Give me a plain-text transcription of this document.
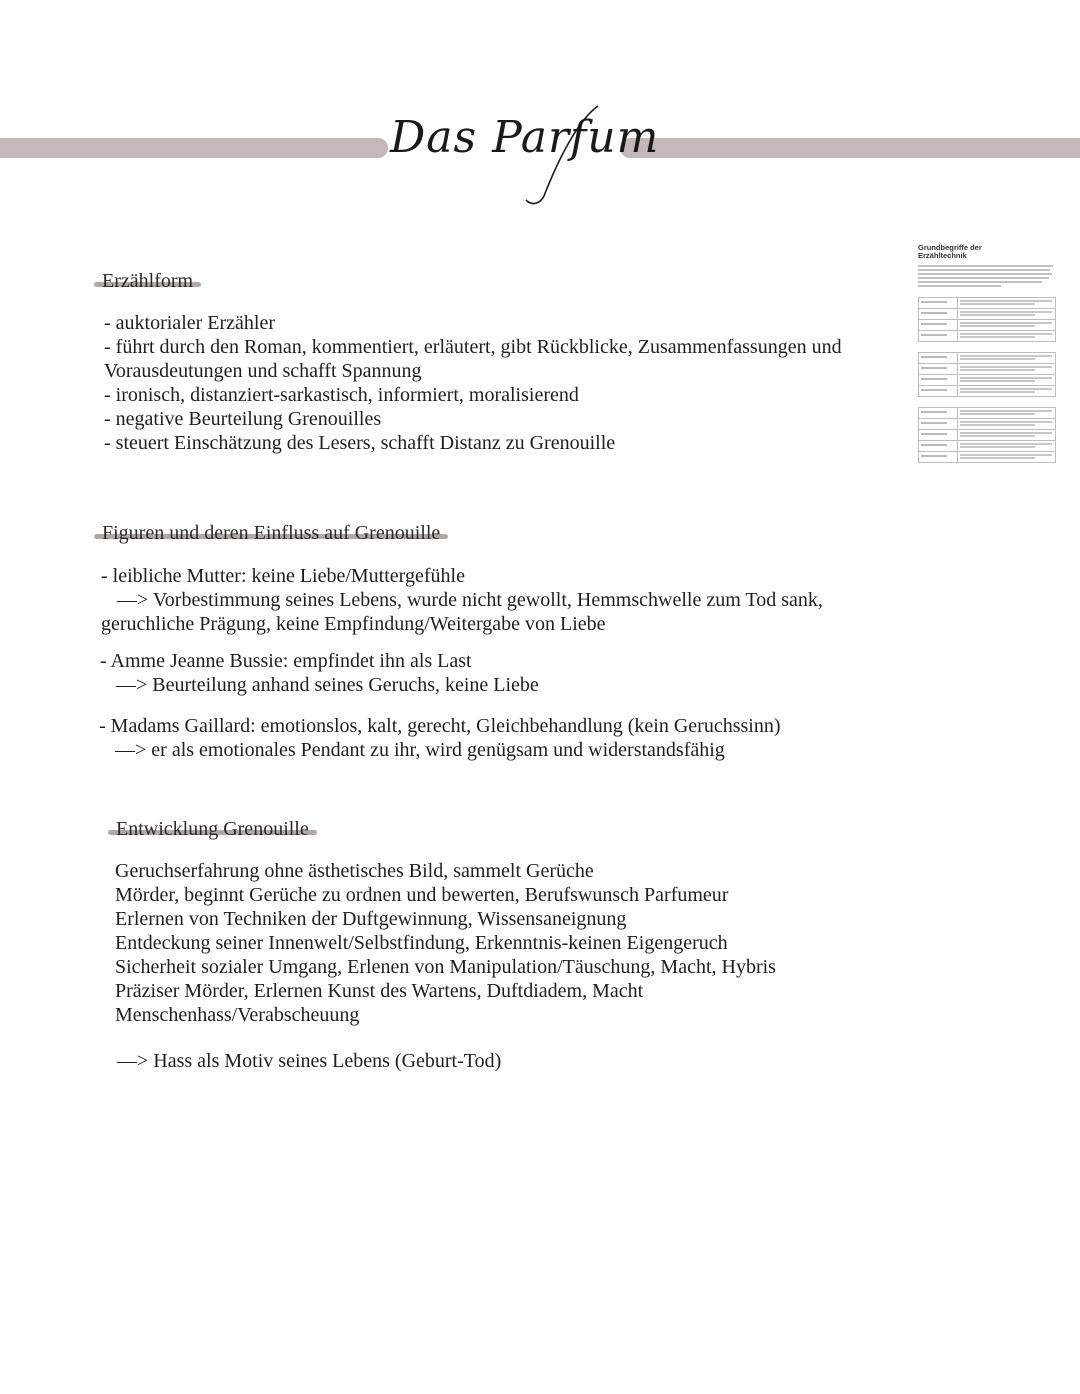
Das Parfum
Grundbegriffe der
Erzähltechnik
Erzählform

- auktorialer Erzähler

- führt durch den Roman, kommentiert, erläutert, gibt Rückblicke, Zusammenfassungen und

Vorausdeutungen und schafft Spannung

- ironisch, distanziert-sarkastisch, informiert, moralisierend

- negative Beurteilung Grenouilles

- steuert Einschätzung des Lesers, schafft Distanz zu Grenouille

Figuren und deren Einfluss auf Grenouille

- leibliche Mutter: keine Liebe/Muttergefühle

—> Vorbestimmung seines Lebens, wurde nicht gewollt, Hemmschwelle zum Tod sank,

geruchliche Prägung, keine Empfindung/Weitergabe von Liebe

- Amme Jeanne Bussie: empfindet ihn als Last

—> Beurteilung anhand seines Geruchs, keine Liebe

- Madams Gaillard: emotionslos, kalt, gerecht, Gleichbehandlung (kein Geruchssinn)

—> er als emotionales Pendant zu ihr, wird genügsam und widerstandsfähig

Entwicklung Grenouille

Geruchserfahrung ohne ästhetisches Bild, sammelt Gerüche

Mörder, beginnt Gerüche zu ordnen und bewerten, Berufswunsch Parfumeur

Erlernen von Techniken der Duftgewinnung, Wissensaneignung

Entdeckung seiner Innenwelt/Selbstfindung, Erkenntnis-keinen Eigengeruch

Sicherheit sozialer Umgang, Erlenen von Manipulation/Täuschung, Macht, Hybris

Präziser Mörder, Erlernen Kunst des Wartens, Duftdiadem, Macht

Menschenhass/Verabscheuung

—> Hass als Motiv seines Lebens (Geburt-Tod)
